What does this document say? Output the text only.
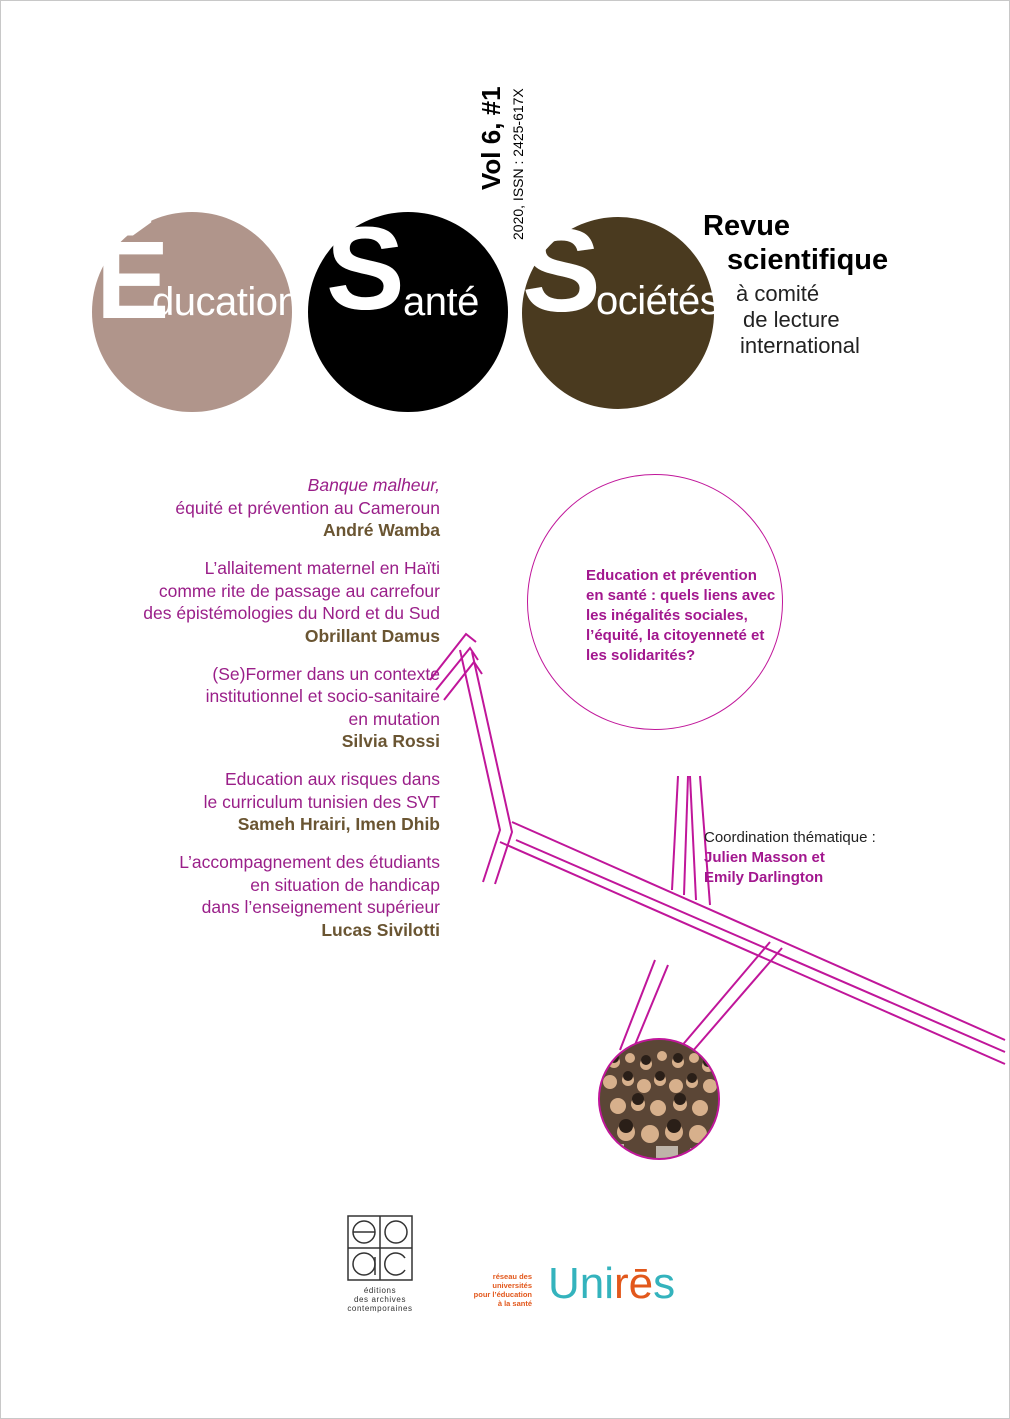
É
ducation S
anté S
ociétés
Vol 6, #1 2020, ISSN : 2425-617X	Revue
scientifique
à comité
de lecture
international
Banque malheur,
équité et prévention au Cameroun
André Wamba
L’allaitement maternel en Haïti
comme rite de passage au carrefour
des épistémologies du Nord et du Sud
Obrillant Damus
(Se)Former dans un contexte
institutionnel et socio-sanitaire
en mutation
Silvia Rossi
Education aux risques dans
le curriculum tunisien des SVT
Sameh Hrairi, Imen Dhib
L’accompagnement des étudiants
en situation de handicap
dans l’enseignement supérieur
Lucas Sivilotti
Education et prévention
en santé : quels liens avec
les inégalités sociales,
l’équité, la citoyenneté et
les solidarités?
Coordination thématique :
Julien Masson et
Emily Darlington
éditions
des archives
contemporaines
réseau des
universités
pour l’éducation
à la santé Unirēs
